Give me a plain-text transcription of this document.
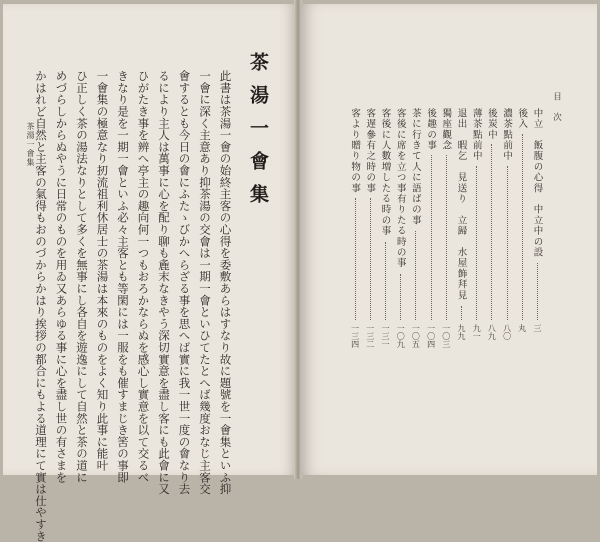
茶湯一會集
茶湯一會集	此書は茶湯一會の始終主客の心得を委敷あらはすなり故に題號を一會集といふ抑
一會に深く主意あり抑茶湯の交會は一期一會といひてたとへば幾度おなじ主客交
會するとも今日の會にふたゝびかへらざる事を思へば實に我一世一度の會なり去
るにより主人は萬事に心を配り聊も麁末なきやう深切實意を盡し客にも此會に又
ひがたき事を辨へ亭主の趣向何一つもおろかならぬを感心し實意を以て交るべ
きなり是を一期一會といふ必々主客とも等閑には一服をも催すまじき筈の事即
一會集の極意なり扨流祖利休居士の茶湯は本來のものをよく知り此事に能叶
ひ正しく茶の湯法なりとして多くを無事にし各自を遊逸にして自然と茶の道に
めづらしからぬやうに日常のものを用ゐ又あらゆる事に心を盡し世の有さまを
かはれど自然と主客の氣得もおのづからかはり挨拶の都合にもよる道理にて實は仕やすき	目次
中立　飯腹の心得　中立中の設
三
後入
丸
濃茶點前中
八〇
後炭中
八九
薄茶點前中
九一
退出　暇乞　見送り　立歸　水屋飾拜見
九九
獨座觀念
一〇三
後趣の事
一〇四
茶に行きて人に語ばの事
一〇五
客後に席を立つ事有りたる時の事
一〇九
客後に人數増したる時の事
一三一
客遅參有之時の事
一三二
客より贈り物の事
一三四
